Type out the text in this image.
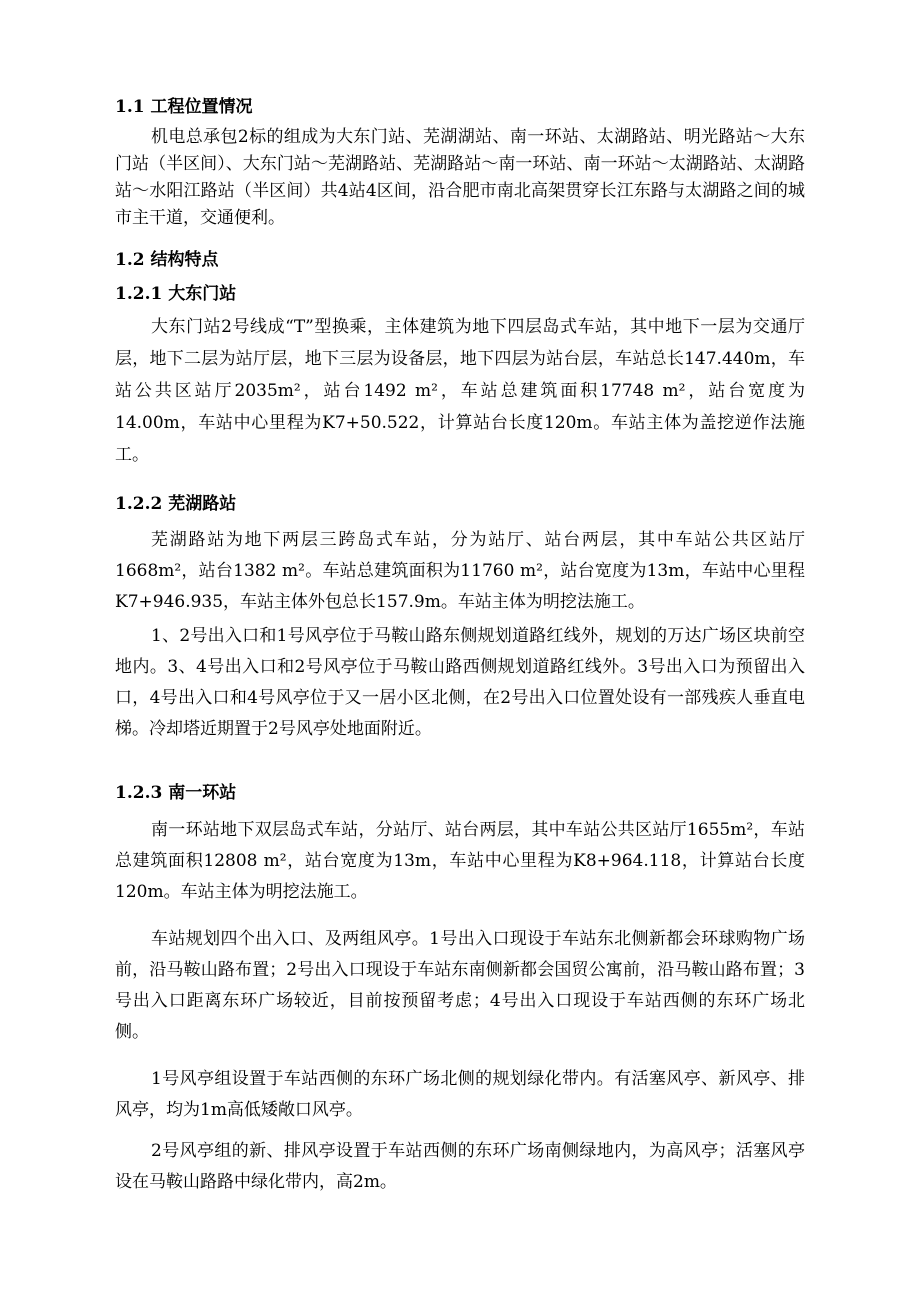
1.1 工程位置情况
机电总承包2标的组成为大东门站、芜湖湖站、南一环站、太湖路站、明光路站～大东门站（半区间）、大东门站～芜湖路站、芜湖路站～南一环站、南一环站～太湖路站、太湖路站～水阳江路站（半区间）共4站4区间，沿合肥市南北高架贯穿长江东路与太湖路之间的城市主干道，交通便利。
1.2 结构特点
1.2.1 大东门站
大东门站2号线成“T”型换乘，主体建筑为地下四层岛式车站，其中地下一层为交通厅层，地下二层为站厅层，地下三层为设备层，地下四层为站台层，车站总长147.440m，车站公共区站厅2035m²，站台1492 m²，车站总建筑面积17748 m²，站台宽度为14.00m，车站中心里程为K7+50.522，计算站台长度120m。车站主体为盖挖逆作法施工。
1.2.2 芜湖路站
芜湖路站为地下两层三跨岛式车站，分为站厅、站台两层，其中车站公共区站厅1668m²，站台1382 m²。车站总建筑面积为11760 m²，站台宽度为13m，车站中心里程K7+946.935，车站主体外包总长157.9m。车站主体为明挖法施工。
1、2号出入口和1号风亭位于马鞍山路东侧规划道路红线外，规划的万达广场区块前空地内。3、4号出入口和2号风亭位于马鞍山路西侧规划道路红线外。3号出入口为预留出入口，4号出入口和4号风亭位于又一居小区北侧，在2号出入口位置处设有一部残疾人垂直电梯。冷却塔近期置于2号风亭处地面附近。
1.2.3 南一环站
南一环站地下双层岛式车站，分站厅、站台两层，其中车站公共区站厅1655m²，车站总建筑面积12808 m²，站台宽度为13m，车站中心里程为K8+964.118，计算站台长度120m。车站主体为明挖法施工。
车站规划四个出入口、及两组风亭。1号出入口现设于车站东北侧新都会环球购物广场前，沿马鞍山路布置；2号出入口现设于车站东南侧新都会国贸公寓前，沿马鞍山路布置；3号出入口距离东环广场较近，目前按预留考虑；4号出入口现设于车站西侧的东环广场北侧。
1号风亭组设置于车站西侧的东环广场北侧的规划绿化带内。有活塞风亭、新风亭、排风亭，均为1m高低矮敞口风亭。
2号风亭组的新、排风亭设置于车站西侧的东环广场南侧绿地内，为高风亭；活塞风亭设在马鞍山路路中绿化带内，高2m。
